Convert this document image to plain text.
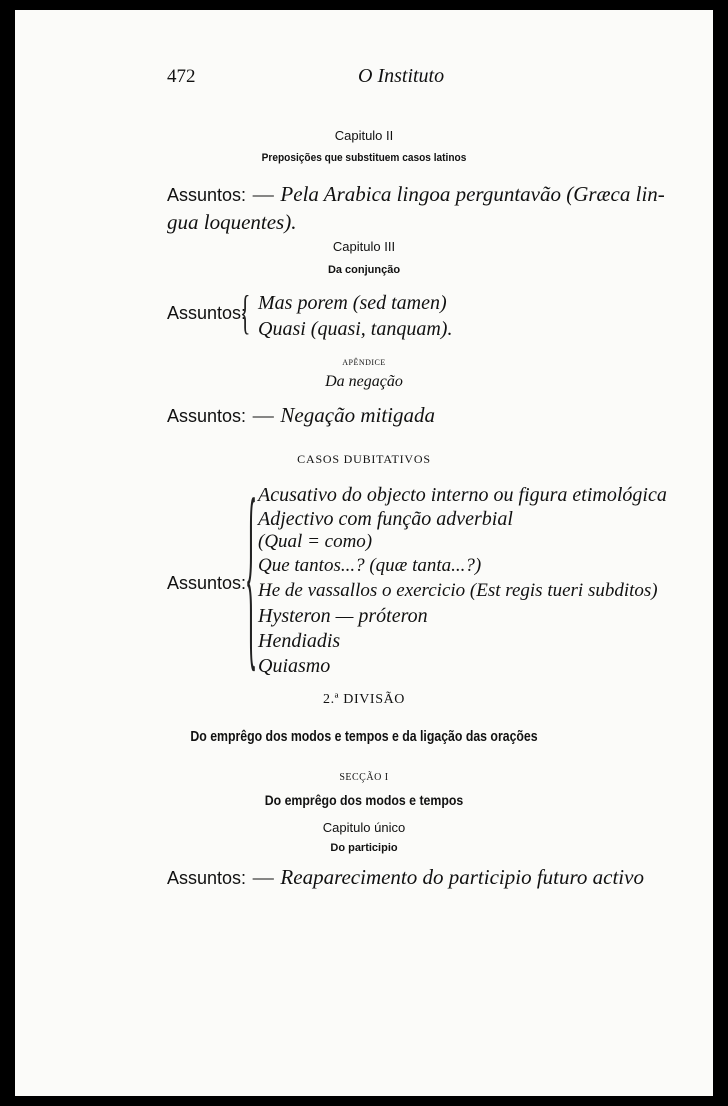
472	O Instituto
Capitulo II
Preposições que substituem casos latinos
Assuntos: — Pela Arabica lingoa perguntavão (Græca lin-
gua loquentes).
Capitulo III
Da conjunção
Assuntos:
{ Mas porem (sed tamen)
Quasi (quasi, tanquam).
APÊNDICE
Da negação
Assuntos: — Negação mitigada
CASOS DUBITATIVOS
Assuntos:
{ Acusativo do objecto interno ou figura etimológica
Adjectivo com função adverbial
(Qual = como)
Que tantos...? (quæ tanta...?)
He de vassallos o exercicio (Est regis tueri subditos)
Hysteron — próteron
Hendiadis
Quiasmo
2.ª DIVISÃO
Do emprêgo dos modos e tempos e da ligação das orações
SECÇÃO I
Do emprêgo dos modos e tempos
Capitulo único
Do participio
Assuntos: — Reaparecimento do participio futuro activo
